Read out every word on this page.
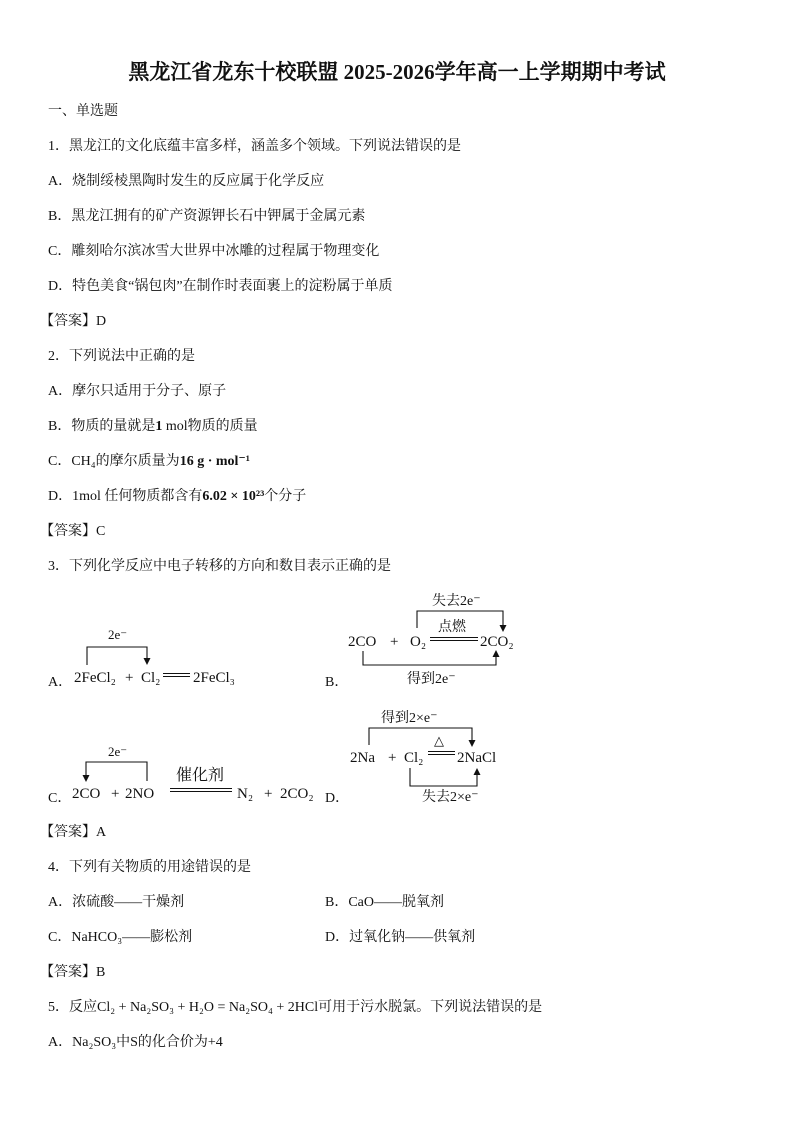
黑龙江省龙东十校联盟 2025-2026学年高一上学期期中考试
一、单选题
1．黑龙江的文化底蕴丰富多样，涵盖多个领域。下列说法错误的是
A．烧制绥棱黑陶时发生的反应属于化学反应
B．黑龙江拥有的矿产资源钾长石中钾属于金属元素
C．雕刻哈尔滨冰雪大世界中冰雕的过程属于物理变化
D．特色美食“锅包肉”在制作时表面裹上的淀粉属于单质
【答案】D
2．下列说法中正确的是
A．摩尔只适用于分子、原子
B．物质的量就是1 mol物质的质量
C．CH₄的摩尔质量为16 g · mol⁻¹
D．1mol 任何物质都含有6.02 × 10²³个分子
【答案】C
3．下列化学反应中电子转移的方向和数目表示正确的是
A．	B．
C．	D．
2e⁻
2FeCl₂ + Cl₂ 2FeCl₃
失去2e⁻
点燃
2CO + O₂	2CO₂
得到2e⁻
2e⁻
催化剂
2CO + 2NO	N₂ + 2CO₂
得到2×e⁻
△
2Na + Cl₂ 2NaCl
失去2×e⁻
【答案】A
4．下列有关物质的用途错误的是
A．浓硫酸——干燥剂	B．CaO——脱氧剂
C．NaHCO₃——膨松剂	D．过氧化钠——供氧剂
【答案】B
5．反应Cl₂ + Na₂SO₃ + H₂O = Na₂SO₄ + 2HCl可用于污水脱氯。下列说法错误的是
A．Na₂SO₃中S的化合价为+4
